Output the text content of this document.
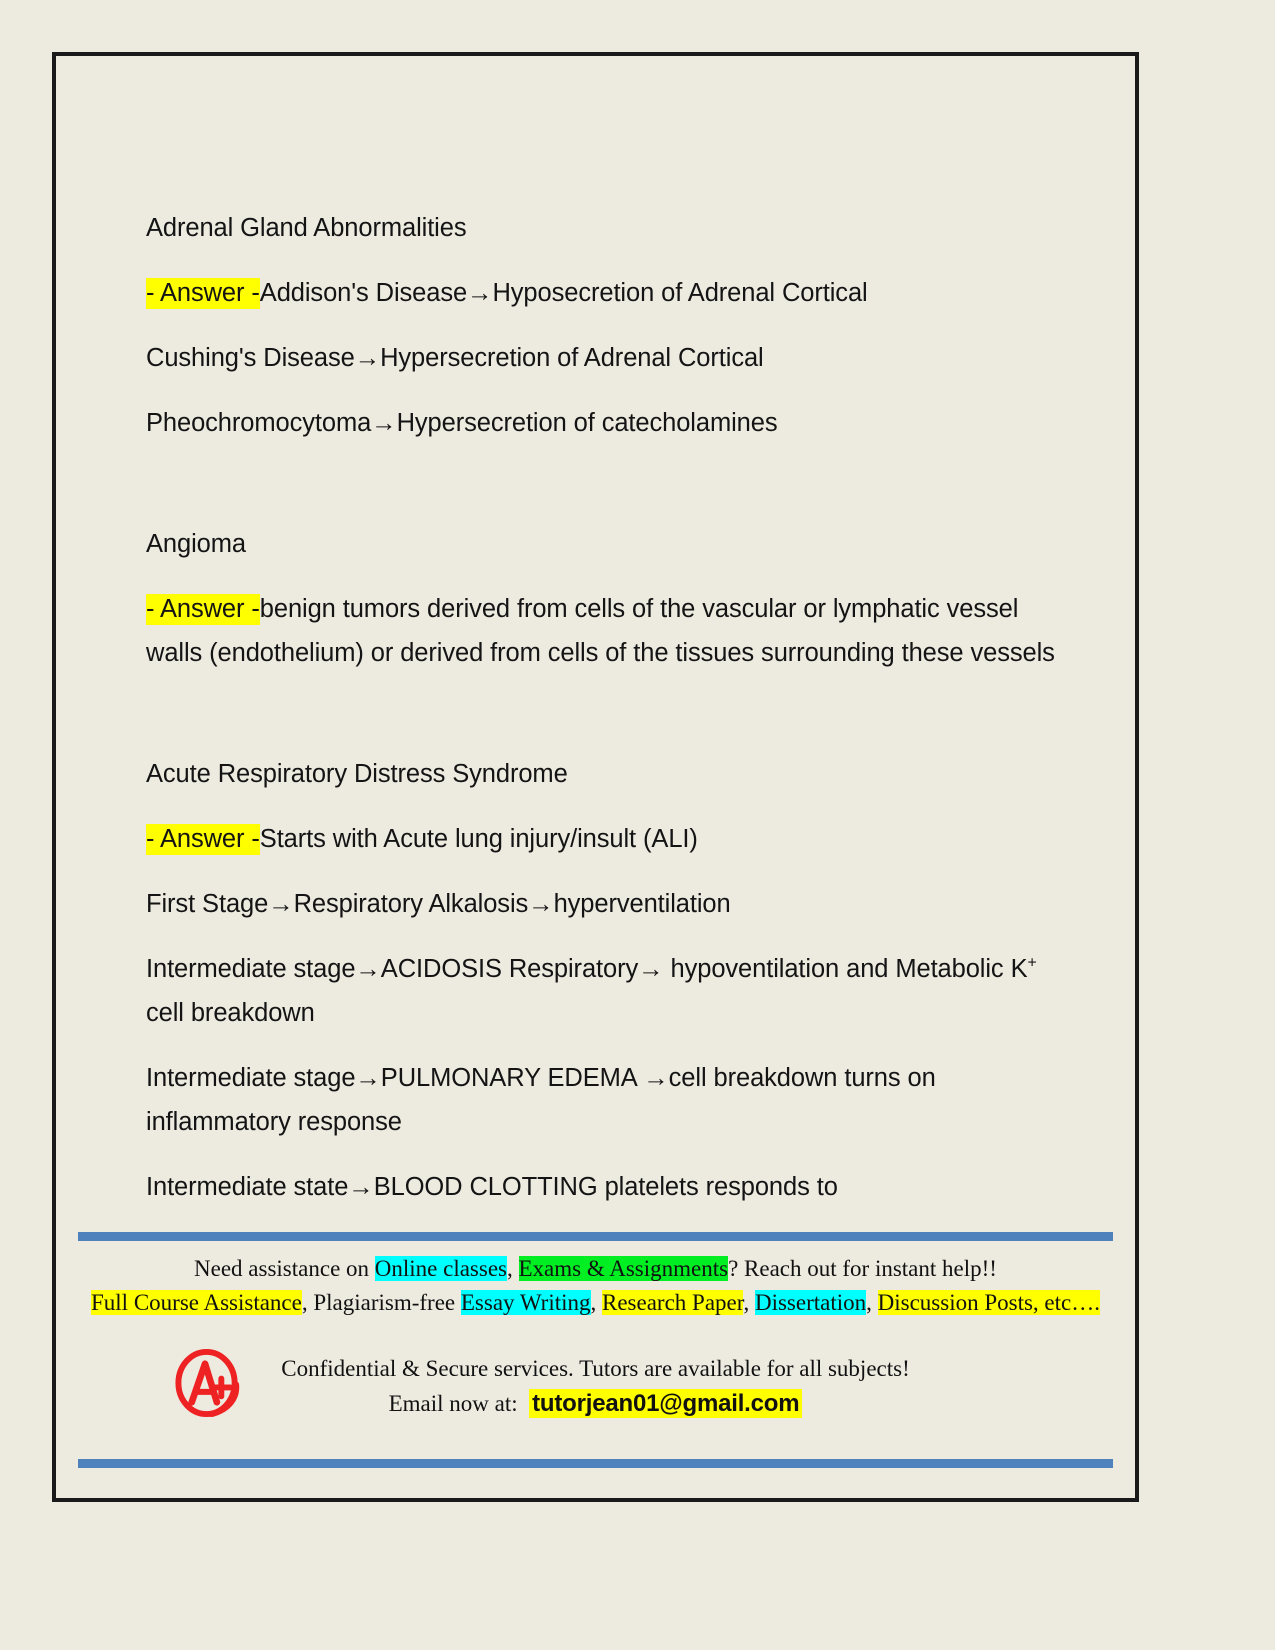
Adrenal Gland Abnormalities

- Answer -Addison's Disease→Hyposecretion of Adrenal Cortical

Cushing's Disease→Hypersecretion of Adrenal Cortical

Pheochromocytoma→Hypersecretion of catecholamines

Angioma

- Answer -benign tumors derived from cells of the vascular or lymphatic vessel walls (endothelium) or derived from cells of the tissues surrounding these vessels

Acute Respiratory Distress Syndrome

- Answer -Starts with Acute lung injury/insult (ALI)

First Stage→Respiratory Alkalosis→hyperventilation

Intermediate stage→ACIDOSIS Respiratory→ hypoventilation and Metabolic K+ cell breakdown

Intermediate stage→PULMONARY EDEMA →cell breakdown turns on inflammatory response

Intermediate state→BLOOD CLOTTING platelets responds to

Need assistance on Online classes, Exams & Assignments? Reach out for instant help!!
Full Course Assistance, Plagiarism-free Essay Writing, Research Paper, Dissertation, Discussion Posts, etc….
Confidential & Secure services. Tutors are available for all subjects!
Email now at: tutorjean01@gmail.com
